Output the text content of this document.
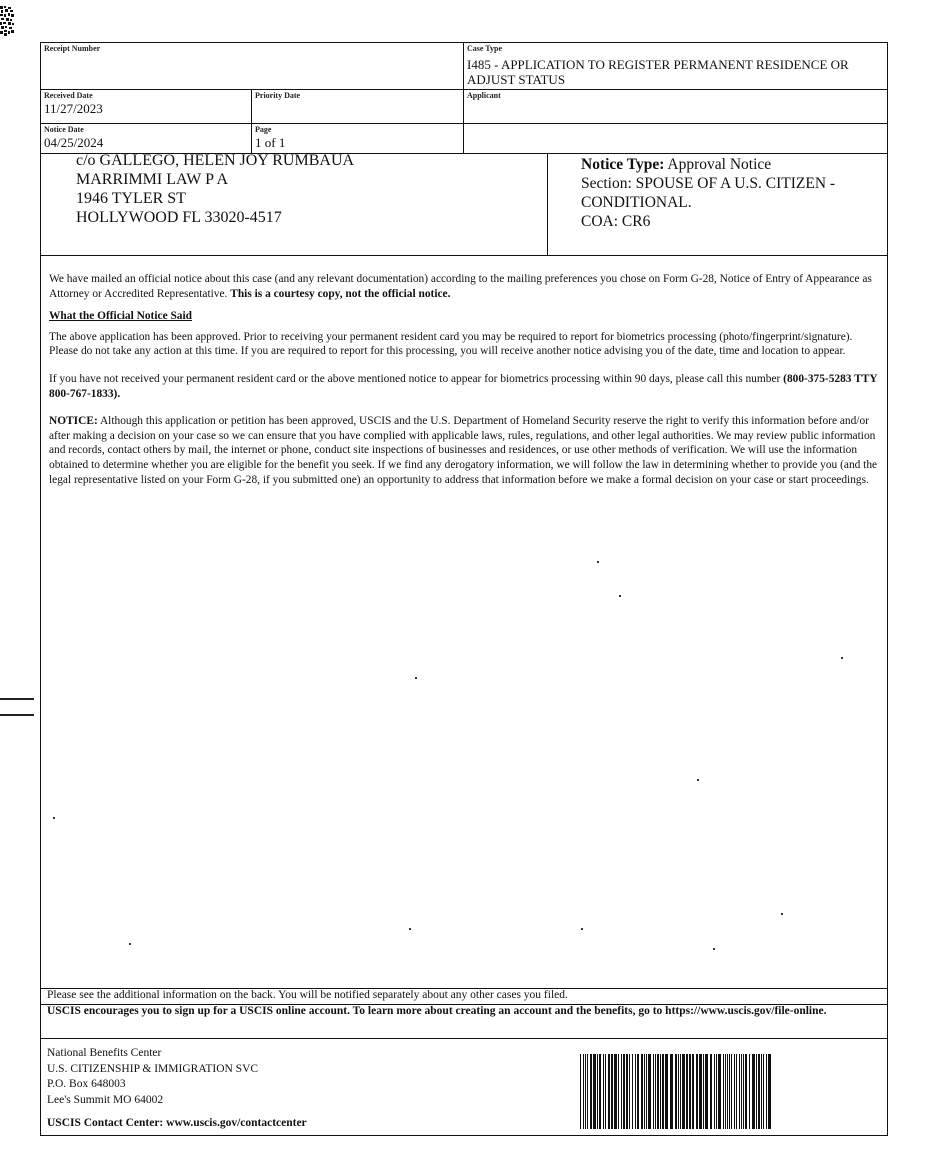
Receipt Number	Case Type
I485 - APPLICATION TO REGISTER PERMANENT RESIDENCE OR
ADJUST STATUS
Received Date
11/27/2023
Priority Date	Applicant
Notice Date
04/25/2024
Page
1 of 1
c/o GALLEGO, HELEN JOY RUMBAUA
MARRIMMI LAW P A
1946 TYLER ST
HOLLYWOOD FL 33020-4517
Notice Type: Approval Notice
Section: SPOUSE OF A U.S. CITIZEN -
CONDITIONAL.
COA: CR6

We have mailed an official notice about this case (and any relevant documentation) according to the mailing preferences you chose on Form G-28, Notice of Entry of Appearance as Attorney or Accredited Representative. This is a courtesy copy, not the official notice.

What the Official Notice Said

The above application has been approved. Prior to receiving your permanent resident card you may be required to report for biometrics processing (photo/fingerprint/signature). Please do not take any action at this time. If you are required to report for this processing, you will receive another notice advising you of the date, time and location to appear.

If you have not received your permanent resident card or the above mentioned notice to appear for biometrics processing within 90 days, please call this number (800-375-5283 TTY 800-767-1833).

NOTICE: Although this application or petition has been approved, USCIS and the U.S. Department of Homeland Security reserve the right to verify this information before and/or after making a decision on your case so we can ensure that you have complied with applicable laws, rules, regulations, and other legal authorities. We may review public information and records, contact others by mail, the internet or phone, conduct site inspections of businesses and residences, or use other methods of verification. We will use the information obtained to determine whether you are eligible for the benefit you seek. If we find any derogatory information, we will follow the law in determining whether to provide you (and the legal representative listed on your Form G-28, if you submitted one) an opportunity to address that information before we make a formal decision on your case or start proceedings.

Please see the additional information on the back. You will be notified separately about any other cases you filed.
USCIS encourages you to sign up for a USCIS online account. To learn more about creating an account and the benefits, go to https://www.uscis.gov/file-online.
National Benefits Center
U.S. CITIZENSHIP & IMMIGRATION SVC
P.O. Box 648003
Lee's Summit MO 64002
USCIS Contact Center: www.uscis.gov/contactcenter
